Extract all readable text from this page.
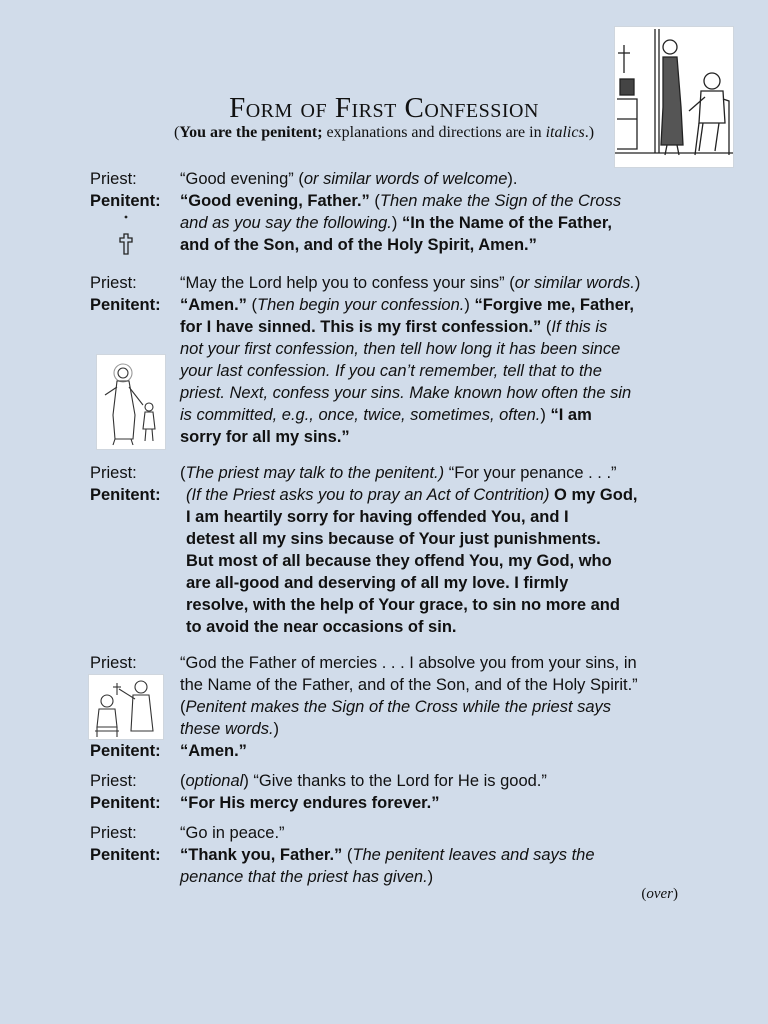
Form of First Confession
(You are the penitent; explanations and directions are in italics.)
Priest:	“Good evening” (or similar words of welcome).
Penitent: “Good evening, Father.” (Then make the Sign of the Cross
and as you say the following.) “In the Name of the Father,
and of the Son, and of the Holy Spirit, Amen.”
Priest:	“May the Lord help you to confess your sins” (or similar words.)
Penitent: “Amen.” (Then begin your confession.) “Forgive me, Father,
for I have sinned. This is my first confession.” (If this is
not your first confession, then tell how long it has been since
your last confession. If you can’t remember, tell that to the
priest. Next, confess your sins. Make known how often the sin
is committed, e.g., once, twice, sometimes, often.) “I am
sorry for all my sins.”
Priest:	(The priest may talk to the penitent.) “For your penance . . .”
Penitent: (If the Priest asks you to pray an Act of Contrition) O my God,
I am heartily sorry for having offended You, and I
detest all my sins because of Your just punishments.
But most of all because they offend You, my God, who
are all-good and deserving of all my love. I firmly
resolve, with the help of Your grace, to sin no more and
to avoid the near occasions of sin.
Priest:	“God the Father of mercies . . . I absolve you from your sins, in
the Name of the Father, and of the Son, and of the Holy Spirit.”
(Penitent makes the Sign of the Cross while the priest says
these words.)
Penitent: “Amen.”
Priest:	(optional) “Give thanks to the Lord for He is good.”
Penitent: “For His mercy endures forever.”
Priest:	“Go in peace.”
Penitent: “Thank you, Father.” (The penitent leaves and says the
penance that the priest has given.)
(over)
